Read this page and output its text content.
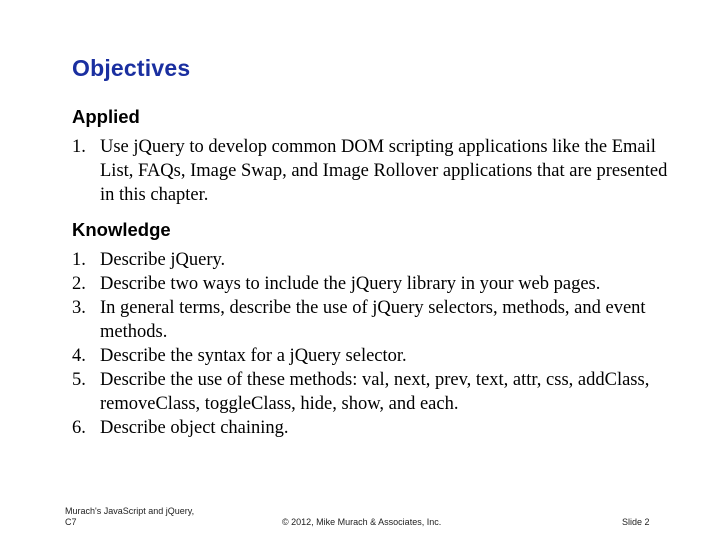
Objectives
Applied
1. Use jQuery to develop common DOM scripting applications like the Email List, FAQs, Image Swap, and Image Rollover applications that are presented in this chapter.
Knowledge
1. Describe jQuery.
2. Describe two ways to include the jQuery library in your web pages.
3. In general terms, describe the use of jQuery selectors, methods, and event methods.
4. Describe the syntax for a jQuery selector.
5. Describe the use of these methods: val, next, prev, text, attr, css, addClass, removeClass, toggleClass, hide, show, and each.
6. Describe object chaining.
Murach's JavaScript and jQuery,
C7	© 2012, Mike Murach & Associates, Inc.	Slide 2
